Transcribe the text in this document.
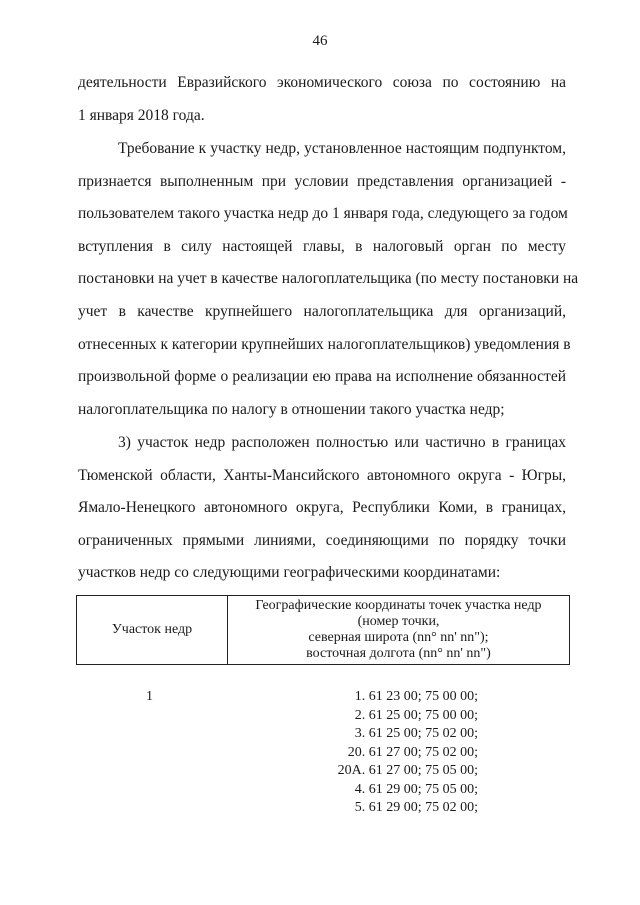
46
деятельности Евразийского экономического союза по состоянию на
1 января 2018 года.
Требование к участку недр, установленное настоящим подпунктом,
признается выполненным при условии представления организацией -
пользователем такого участка недр до 1 января года, следующего за годом
вступления в силу настоящей главы, в налоговый орган по месту
постановки на учет в качестве налогоплательщика (по месту постановки на
учет в качестве крупнейшего налогоплательщика для организаций,
отнесенных к категории крупнейших налогоплательщиков) уведомления в
произвольной форме о реализации ею права на исполнение обязанностей
налогоплательщика по налогу в отношении такого участка недр;
3) участок недр расположен полностью или частично в границах
Тюменской области, Ханты-Мансийского автономного округа - Югры,
Ямало-Ненецкого автономного округа, Республики Коми, в границах,
ограниченных прямыми линиями, соединяющими по порядку точки
участков недр со следующими географическими координатами:
Участок недр	
Географические координаты точек участка недр
(номер точки,
северная широта (nn° nn' nn");
восточная долгота (nn° nn' nn")
1	1. 61 23 00; 75 00 00;
2. 61 25 00; 75 00 00;
3. 61 25 00; 75 02 00;
20. 61 27 00; 75 02 00;
20А. 61 27 00; 75 05 00;
4. 61 29 00; 75 05 00;
5. 61 29 00; 75 02 00;
